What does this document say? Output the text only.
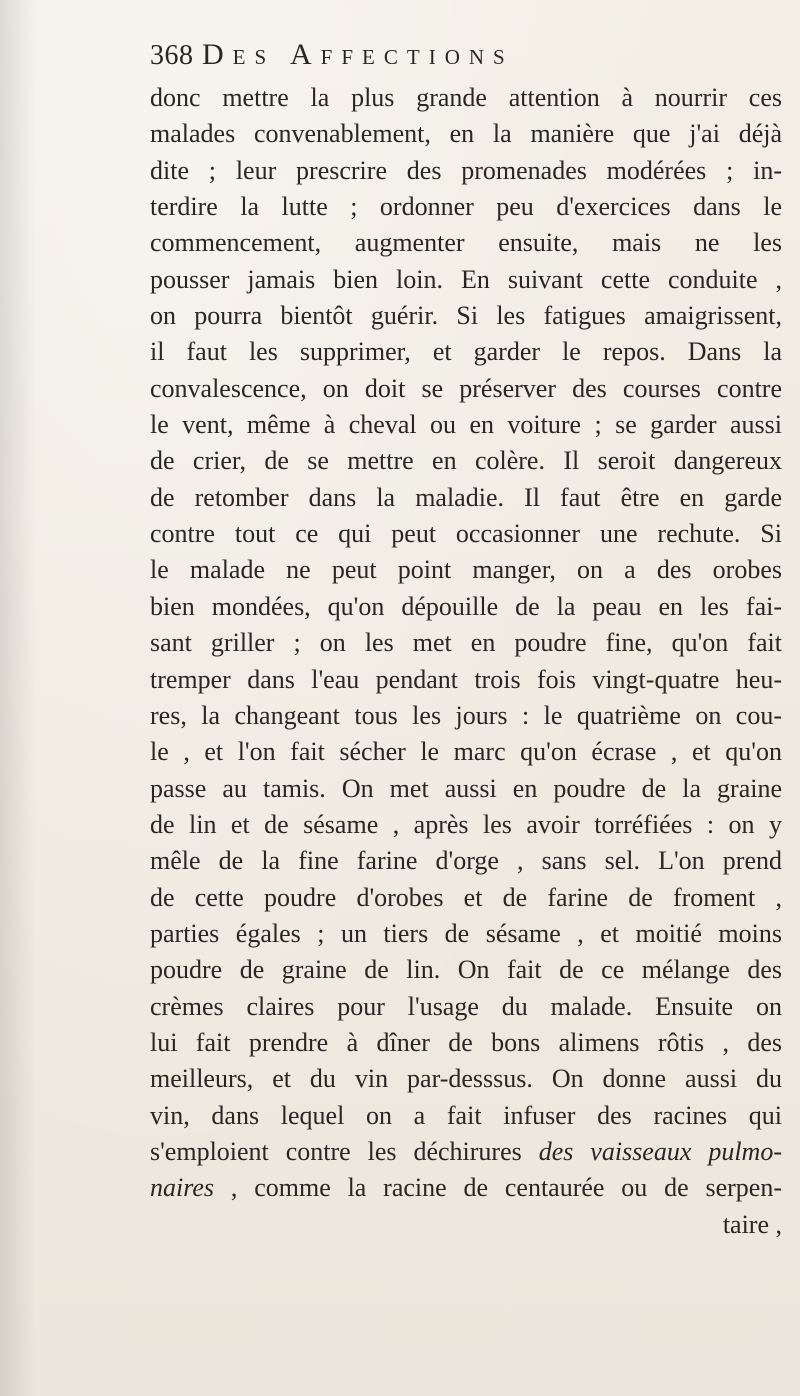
368 Des Affections
donc mettre la plus grande attention à nourrir ces
malades convenablement, en la manière que j'ai déjà
dite ; leur prescrire des promenades modérées ; in-
terdire la lutte ; ordonner peu d'exercices dans le
commencement, augmenter ensuite, mais ne les
pousser jamais bien loin. En suivant cette conduite ,
on pourra bientôt guérir. Si les fatigues amaigrissent,
il faut les supprimer, et garder le repos. Dans la
convalescence, on doit se préserver des courses contre
le vent, même à cheval ou en voiture ; se garder aussi
de crier, de se mettre en colère. Il seroit dangereux
de retomber dans la maladie. Il faut être en garde
contre tout ce qui peut occasionner une rechute. Si
le malade ne peut point manger, on a des orobes
bien mondées, qu'on dépouille de la peau en les fai-
sant griller ; on les met en poudre fine, qu'on fait
tremper dans l'eau pendant trois fois vingt-quatre heu-
res, la changeant tous les jours : le quatrième on cou-
le , et l'on fait sécher le marc qu'on écrase , et qu'on
passe au tamis. On met aussi en poudre de la graine
de lin et de sésame , après les avoir torréfiées : on y
mêle de la fine farine d'orge , sans sel. L'on prend
de cette poudre d'orobes et de farine de froment ,
parties égales ; un tiers de sésame , et moitié moins
poudre de graine de lin. On fait de ce mélange des
crèmes claires pour l'usage du malade. Ensuite on
lui fait prendre à dîner de bons alimens rôtis , des
meilleurs, et du vin par-desssus. On donne aussi du
vin, dans lequel on a fait infuser des racines qui
s'emploient contre les déchirures des vaisseaux pulmo-
naires , comme la racine de centaurée ou de serpen-
taire ,
